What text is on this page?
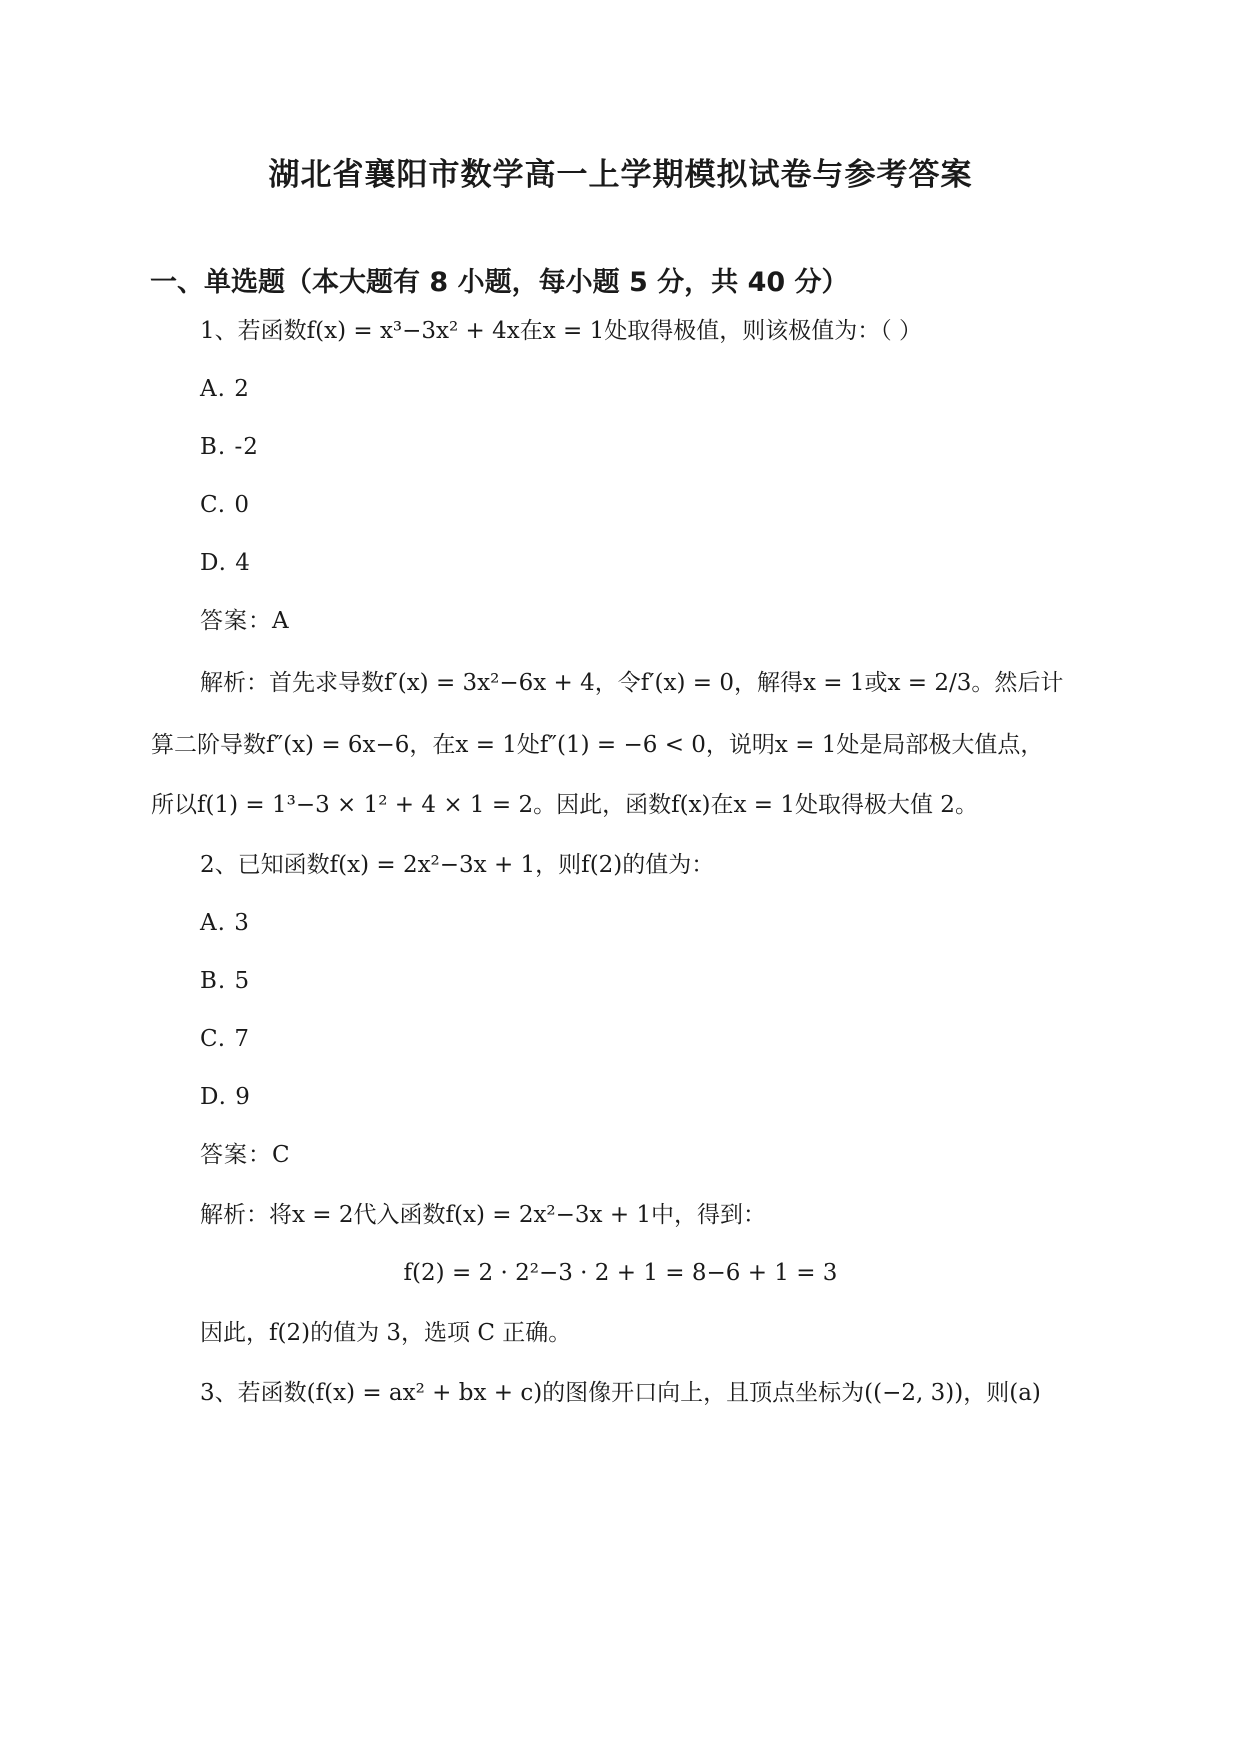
湖北省襄阳市数学高一上学期模拟试卷与参考答案
一、单选题（本大题有 8 小题，每小题 5 分，共 40 分）
1、若函数f(x) = x³−3x² + 4x在x = 1处取得极值，则该极值为：（ ）
A. 2
B. -2
C. 0
D. 4
答案：A
解析：首先求导数f′(x) = 3x²−6x + 4，令f′(x) = 0，解得x = 1或x = 2/3。然后计
算二阶导数f″(x) = 6x−6，在x = 1处f″(1) = −6 < 0，说明x = 1处是局部极大值点，
所以f(1) = 1³−3 × 1² + 4 × 1 = 2。因此，函数f(x)在x = 1处取得极大值 2。
2、已知函数f(x) = 2x²−3x + 1，则f(2)的值为：
A. 3
B. 5
C. 7
D. 9
答案：C
解析：将x = 2代入函数f(x) = 2x²−3x + 1中，得到：
f(2) = 2 · 2²−3 · 2 + 1 = 8−6 + 1 = 3
因此，f(2)的值为 3，选项 C 正确。
3、若函数(f(x) = ax² + bx + c)的图像开口向上，且顶点坐标为((−2, 3))，则(a)
